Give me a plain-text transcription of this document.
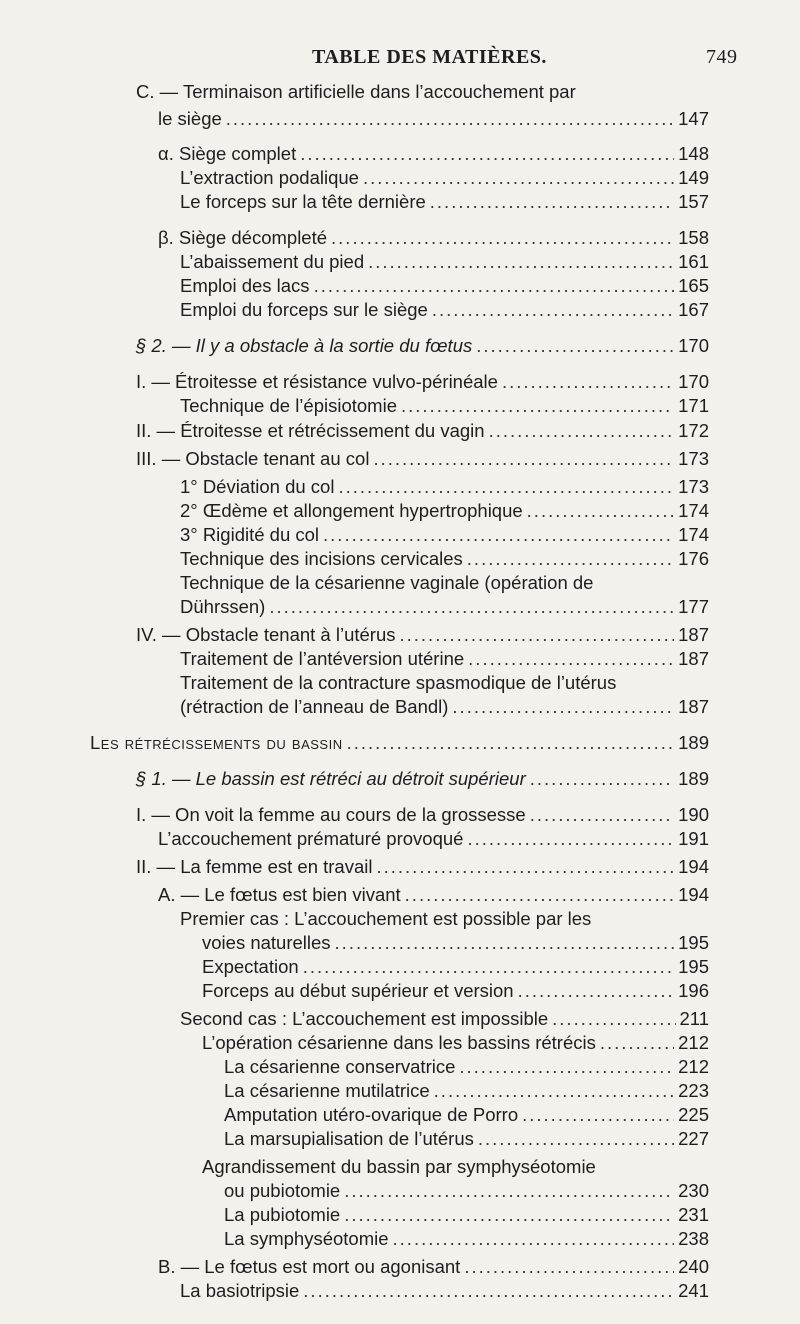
TABLE DES MATIÈRES.	749
C. — Terminaison artificielle dans l’accouchement par
le siège .....	147
α. Siège complet .....	148
L’extraction podalique .....	149
Le forceps sur la tête dernière .....	157
β. Siège décompleté .....	158
L’abaissement du pied .....	161
Emploi des lacs .....	165
Emploi du forceps sur le siège .....	167
§ 2. — Il y a obstacle à la sortie du fœtus .....	170
I. — Étroitesse et résistance vulvo-périnéale .....	170
Technique de l’épisiotomie .....	171
II. — Étroitesse et rétrécissement du vagin .....	172
III. — Obstacle tenant au col .....	173
1° Déviation du col .....	173
2° Œdème et allongement hypertrophique .....	174
3° Rigidité du col .....	174
Technique des incisions cervicales .....	176
Technique de la césarienne vaginale (opération de
Dührssen) .....	177
IV. — Obstacle tenant à l’utérus .....	187
Traitement de l’antéversion utérine .....	187
Traitement de la contracture spasmodique de l’utérus
(rétraction de l’anneau de Bandl) .....	187
Les rétrécissements du bassin .....	189
§ 1. — Le bassin est rétréci au détroit supérieur .....	189
I. — On voit la femme au cours de la grossesse .....	190
L’accouchement prématuré provoqué .....	191
II. — La femme est en travail .....	194
A. — Le fœtus est bien vivant .....	194
Premier cas : L’accouchement est possible par les
voies naturelles .....	195
Expectation .....	195
Forceps au début supérieur et version .....	196
Second cas : L’accouchement est impossible .....	211
L’opération césarienne dans les bassins rétrécis .....	212
La césarienne conservatrice .....	212
La césarienne mutilatrice .....	223
Amputation utéro-ovarique de Porro .....	225
La marsupialisation de l’utérus .....	227
Agrandissement du bassin par symphyséotomie
ou pubiotomie .....	230
La pubiotomie .....	231
La symphyséotomie .....	238
B. — Le fœtus est mort ou agonisant .....	240
La basiotripsie .....	241
